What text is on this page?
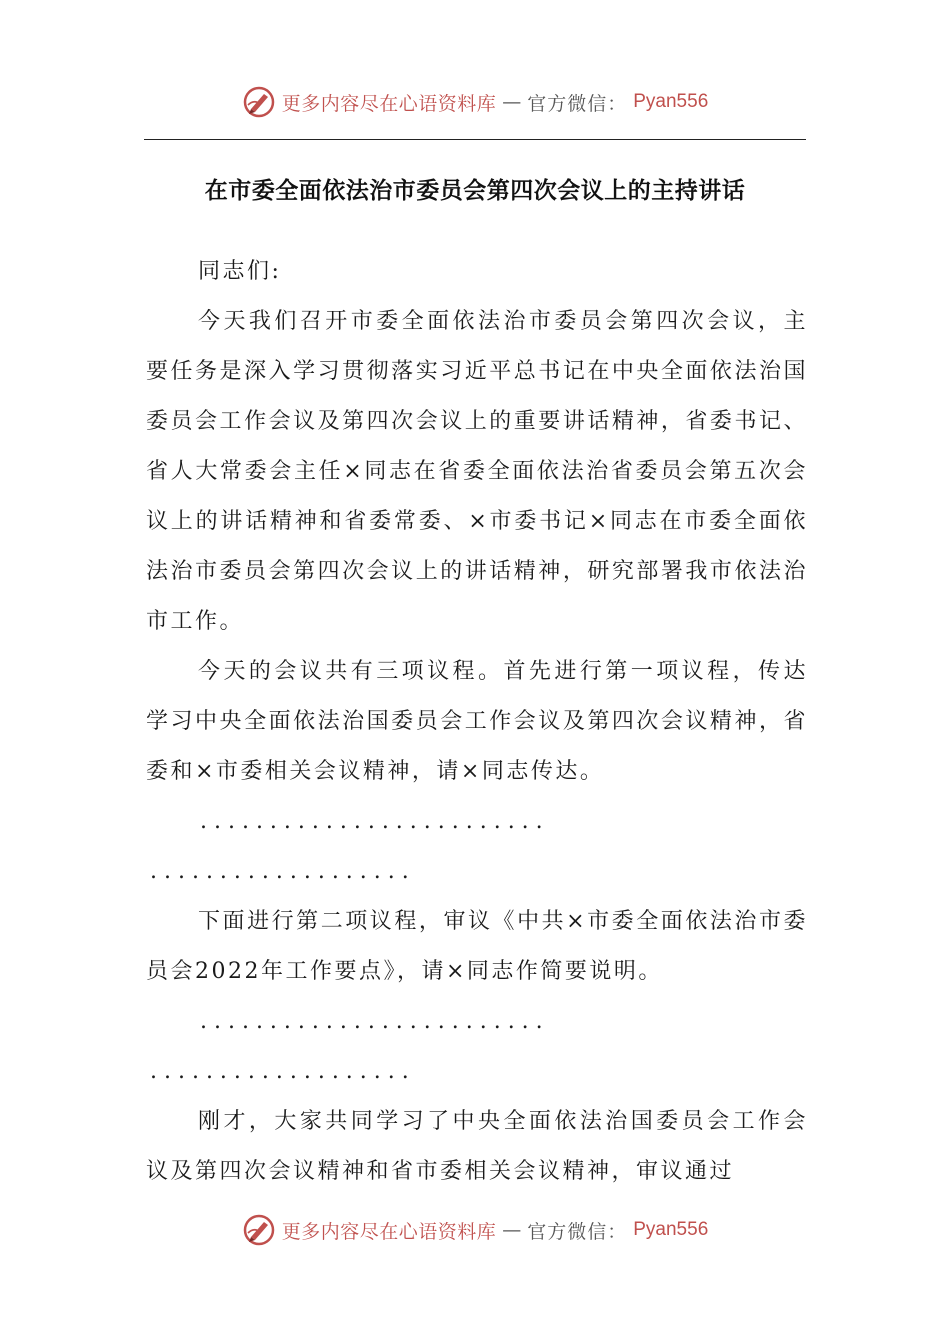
更多内容尽在心语资料库 — 官方微信： Pyan556
在市委全面依法治市委员会第四次会议上的主持讲话

同志们:

今天我们召开市委全面依法治市委员会第四次会议，主要任务是深入学习贯彻落实习近平总书记在中央全面依法治国委员会工作会议及第四次会议上的重要讲话精神，省委书记、省人大常委会主任×同志在省委全面依法治省委员会第五次会议上的讲话精神和省委常委、×市委书记×同志在市委全面依法治市委员会第四次会议上的讲话精神，研究部署我市依法治市工作。

今天的会议共有三项议程。首先进行第一项议程，传达学习中央全面依法治国委员会工作会议及第四次会议精神，省委和×市委相关会议精神，请×同志传达。

. . . . . . . . . . . . . . . . . . . . . . . . .

. . . . . . . . . . . . . . . . . . .

下面进行第二项议程，审议《中共×市委全面依法治市委员会2022年工作要点》，请×同志作简要说明。

. . . . . . . . . . . . . . . . . . . . . . . . .

. . . . . . . . . . . . . . . . . . .

刚才，大家共同学习了中央全面依法治国委员会工作会议及第四次会议精神和省市委相关会议精神，审议通过

更多内容尽在心语资料库 — 官方微信： Pyan556
